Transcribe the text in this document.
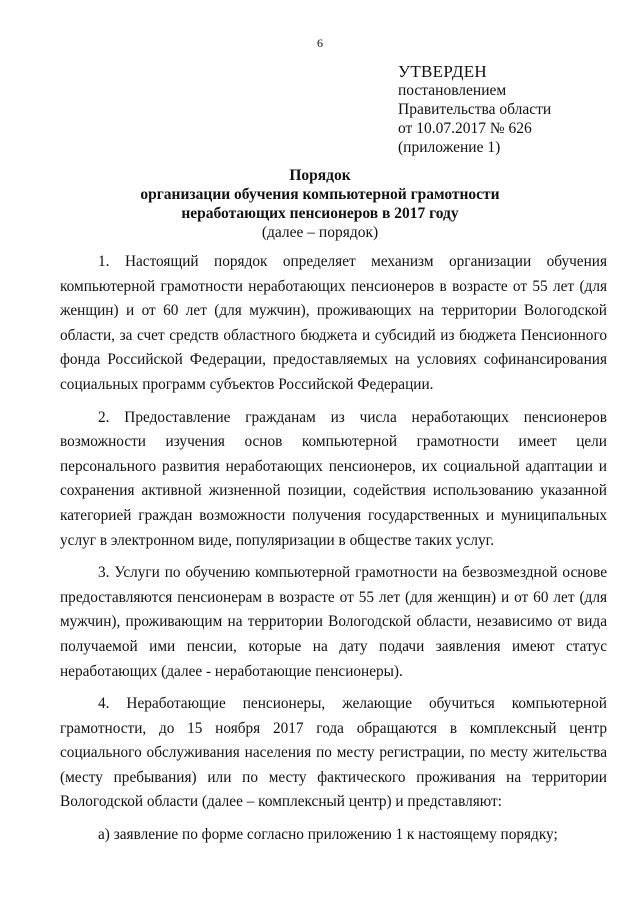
6
УТВЕРДЕН
постановлением
Правительства области
от 10.07.2017 № 626
(приложение 1)
Порядок
организации обучения компьютерной грамотности
неработающих пенсионеров в 2017 году
(далее – порядок)

1. Настоящий порядок определяет механизм организации обучения компьютерной грамотности неработающих пенсионеров в возрасте от 55 лет (для женщин) и от 60 лет (для мужчин), проживающих на территории Вологодской области, за счет средств областного бюджета и субсидий из бюджета Пенсионного фонда Российской Федерации, предоставляемых на условиях софинансирования социальных программ субъектов Российской Федерации.

2. Предоставление гражданам из числа неработающих пенсионеров возможности изучения основ компьютерной грамотности имеет цели персонального развития неработающих пенсионеров, их социальной адаптации и сохранения активной жизненной позиции, содействия использованию указанной категорией граждан возможности получения государственных и муниципальных услуг в электронном виде, популяризации в обществе таких услуг.

3. Услуги по обучению компьютерной грамотности на безвозмездной основе предоставляются пенсионерам в возрасте от 55 лет (для женщин) и от 60 лет (для мужчин), проживающим на территории Вологодской области, независимо от вида получаемой ими пенсии, которые на дату подачи заявления имеют статус неработающих (далее - неработающие пенсионеры).

4. Неработающие пенсионеры, желающие обучиться компьютерной грамотности, до 15 ноября 2017 года обращаются в комплексный центр социального обслуживания населения по месту регистрации, по месту жительства (месту пребывания) или по месту фактического проживания на территории Вологодской области (далее – комплексный центр) и представляют:

а) заявление по форме согласно приложению 1 к настоящему порядку;
